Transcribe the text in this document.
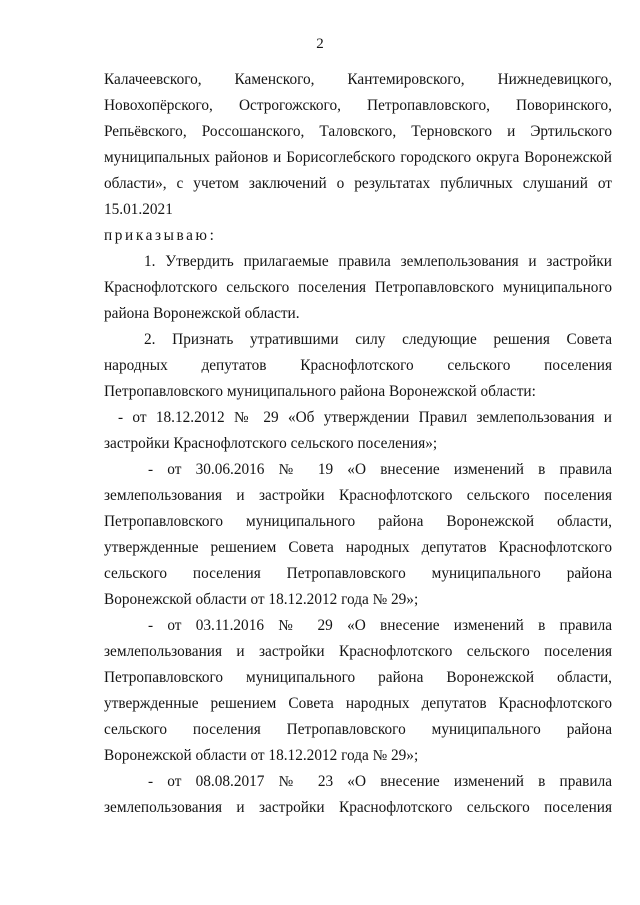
2
Калачеевского, Каменского, Кантемировского, Нижнедевицкого,
Новохопёрского, Острогожского, Петропавловского, Поворинского,
Репьёвского, Россошанского, Таловского, Терновского и Эртильского
муниципальных районов и Борисоглебского городского округа Воронежской
области», с учетом заключений о результатах публичных слушаний от
15.01.2021
приказываю:
1. Утвердить прилагаемые правила землепользования и застройки
Краснофлотского сельского поселения Петропавловского муниципального
района Воронежской области.
2. Признать утратившими силу следующие решения Совета
народных депутатов Краснофлотского сельского поселения
Петропавловского муниципального района Воронежской области:
- от 18.12.2012 № 29 «Об утверждении Правил землепользования и
застройки Краснофлотского сельского поселения»;
- от 30.06.2016 № 19 «О внесение изменений в правила
землепользования и застройки Краснофлотского сельского поселения
Петропавловского муниципального района Воронежской области,
утвержденные решением Совета народных депутатов Краснофлотского
сельского поселения Петропавловского муниципального района
Воронежской области от 18.12.2012 года № 29»;
- от 03.11.2016 № 29 «О внесение изменений в правила
землепользования и застройки Краснофлотского сельского поселения
Петропавловского муниципального района Воронежской области,
утвержденные решением Совета народных депутатов Краснофлотского
сельского поселения Петропавловского муниципального района
Воронежской области от 18.12.2012 года № 29»;
- от 08.08.2017 № 23 «О внесение изменений в правила
землепользования и застройки Краснофлотского сельского поселения
